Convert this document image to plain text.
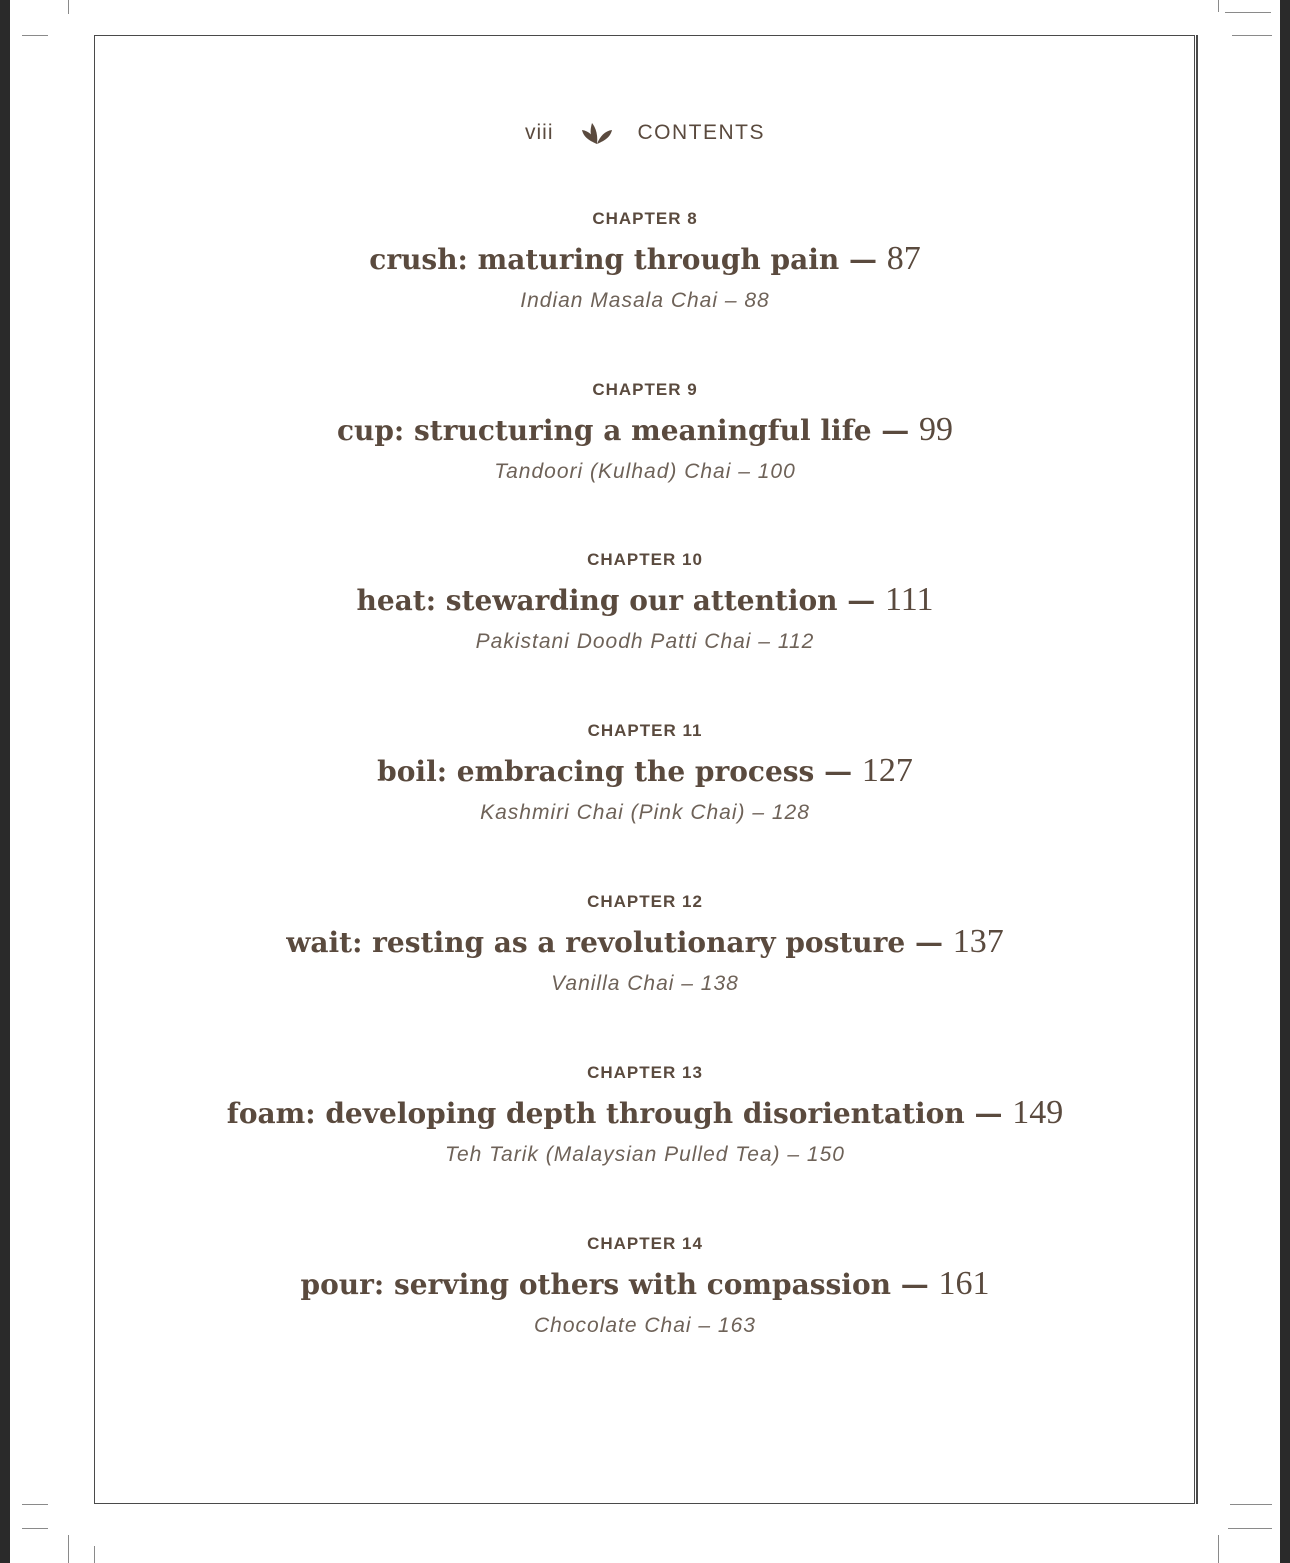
viii	CONTENTS
CHAPTER 8
crush: maturing through pain — 87
Indian Masala Chai – 88
CHAPTER 9
cup: structuring a meaningful life — 99
Tandoori (Kulhad) Chai – 100
CHAPTER 10
heat: stewarding our attention — 111
Pakistani Doodh Patti Chai – 112
CHAPTER 11
boil: embracing the process — 127
Kashmiri Chai (Pink Chai) – 128
CHAPTER 12
wait: resting as a revolutionary posture — 137
Vanilla Chai – 138
CHAPTER 13
foam: developing depth through disorientation — 149
Teh Tarik (Malaysian Pulled Tea) – 150
CHAPTER 14
pour: serving others with compassion — 161
Chocolate Chai – 163
